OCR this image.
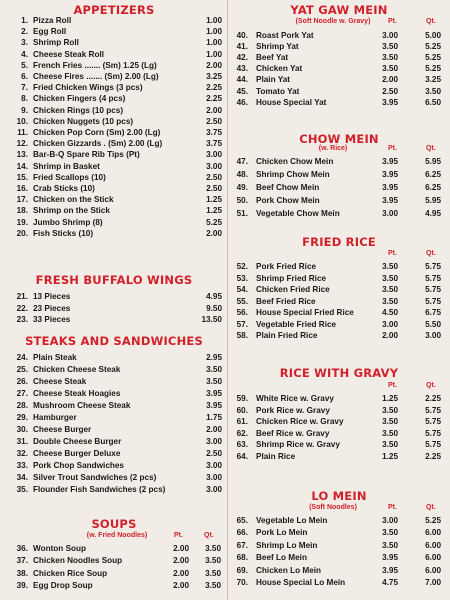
APPETIZERS
1. Pizza Roll	1.00
2. Egg Roll	1.00
3. Shrimp Roll	1.00
4. Cheese Steak Roll	1.00
5. French Fries ....... (Sm) 1.25 (Lg)	2.00
6. Cheese Fires ....... (Sm) 2.00 (Lg)	3.25
7. Fried Chicken Wings (3 pcs)	2.25
8. Chicken Fingers (4 pcs)	2.25
9. Chicken Rings (10 pcs)	2.00
10. Chicken Nuggets (10 pcs)	2.50
11. Chicken Pop Corn (Sm) 2.00 (Lg)	3.75
12. Chicken Gizzards . (Sm) 2.00 (Lg)	3.75
13. Bar-B-Q Spare Rib Tips (Pt)	3.00
14. Shrimp in Basket	3.00
15. Fried Scallops (10)	2.50
16. Crab Sticks (10)	2.50
17. Chicken on the Stick	1.25
18. Shrimp on the Stick	1.25
19. Jumbo Shrimp (8)	5.25
20. Fish Sticks (10)	2.00
FRESH BUFFALO WINGS
21. 13 Pieces	4.95
22. 23 Pieces	9.50
23. 33 Pieces	13.50
STEAKS AND SANDWICHES
24. Plain Steak	2.95
25. Chicken Cheese Steak	3.50
26. Cheese Steak	3.50
27. Cheese Steak Hoagies	3.95
28. Mushroom Cheese Steak	3.95
29. Hamburger	1.75
30. Cheese Burger	2.00
31. Double Cheese Burger	3.00
32. Cheese Burger Deluxe	2.50
33. Pork Chop Sandwiches	3.00
34. Silver Trout Sandwiches (2 pcs)	3.00
35. Flounder Fish Sandwiches (2 pcs)	3.00
SOUPS
(w. Fried Noodles)	Pt.	Qt.
36. Wonton Soup	2.00	3.50
37. Chicken Noodles Soup	2.00	3.50
38. Chicken Rice Soup	2.00	3.50
39. Egg Drop Soup	2.00	3.50
YAT GAW MEIN
(Soft Noodle w. Gravy)	Pt.	Qt.
40. Roast Pork Yat	3.00	5.00
41. Shrimp Yat	3.50	5.25
42. Beef Yat	3.50	5.25
43. Chicken Yat	3.50	5.25
44. Plain Yat	2.00	3.25
45. Tomato Yat	2.50	3.50
46. House Special Yat	3.95	6.50
CHOW MEIN
(w. Rice)	Pt.	Qt.
47. Chicken Chow Mein	3.95	5.95
48. Shrimp Chow Mein	3.95	6.25
49. Beef Chow Mein	3.95	6.25
50. Pork Chow Mein	3.95	5.95
51. Vegetable Chow Mein	3.00	4.95
FRIED RICE
Pt.	Qt.
52. Pork Fried Rice	3.50	5.75
53. Shrimp Fried Rice	3.50	5.75
54. Chicken Fried Rice	3.50	5.75
55. Beef Fried Rice	3.50	5.75
56. House Special Fried Rice	4.50	6.75
57. Vegetable Fried Rice	3.00	5.50
58. Plain Fried Rice	2.00	3.00
RICE WITH GRAVY
Pt.	Qt.
59. White Rice w. Gravy	1.25	2.25
60. Pork Rice w. Gravy	3.50	5.75
61. Chicken Rice w. Gravy	3.50	5.75
62. Beef Rice w. Gravy	3.50	5.75
63. Shrimp Rice w. Gravy	3.50	5.75
64. Plain Rice	1.25	2.25
LO MEIN
(Soft Noodles)	Pt.	Qt.
65. Vegetable Lo Mein	3.00	5.25
66. Pork Lo Mein	3.50	6.00
67. Shrimp Lo Mein	3.50	6.00
68. Beef Lo Mein	3.95	6.00
69. Chicken Lo Mein	3.95	6.00
70. House Special Lo Mein	4.75	7.00
